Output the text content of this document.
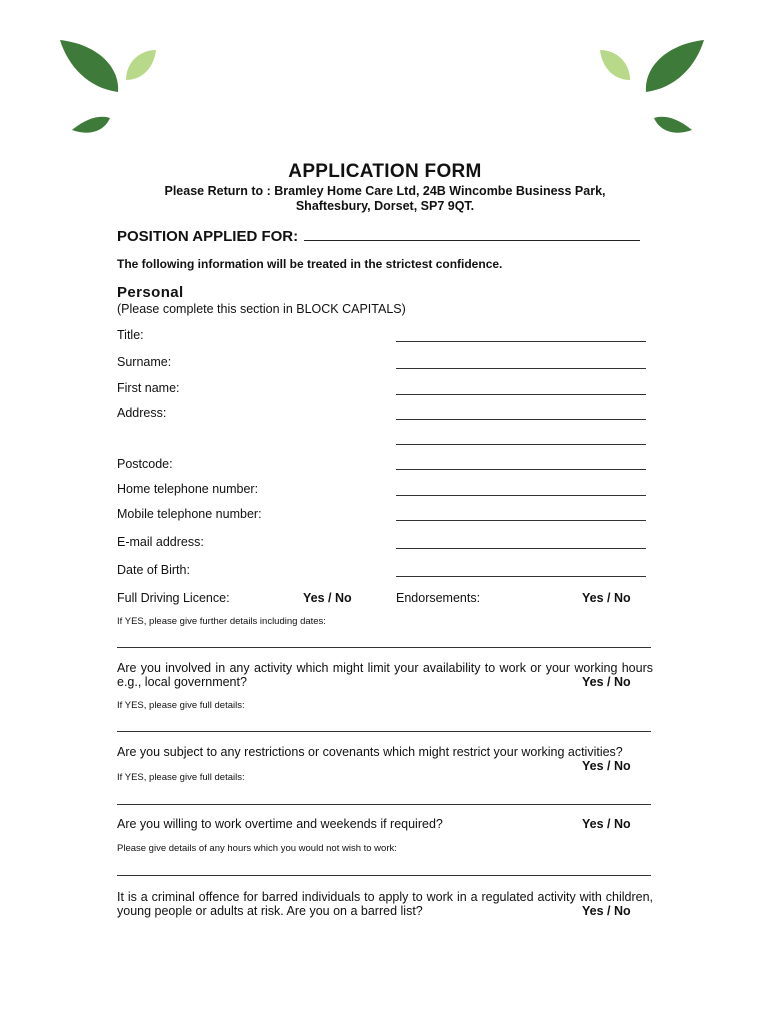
APPLICATION FORM
Please Return to : Bramley Home Care Ltd, 24B Wincombe Business Park,
Shaftesbury, Dorset, SP7 9QT.
POSITION APPLIED FOR:
The following information will be treated in the strictest confidence.
Personal
(Please complete this section in BLOCK CAPITALS)
Title:
Surname:
First name:
Address:
Postcode:
Home telephone number:
Mobile telephone number:
E-mail address:
Date of Birth:
Full Driving Licence:	Yes / No	Endorsements:	Yes / No
If YES, please give further details including dates:
Are you involved in any activity which might limit your availability to work or your working hours e.g., local government?	Yes / No
If YES, please give full details:
Are you subject to any restrictions or covenants which might restrict your working activities?
Yes / No
If YES, please give full details:
Are you willing to work overtime and weekends if required?	Yes / No
Please give details of any hours which you would not wish to work:
It is a criminal offence for barred individuals to apply to work in a regulated activity with children, young people or adults at risk. Are you on a barred list?	Yes / No
